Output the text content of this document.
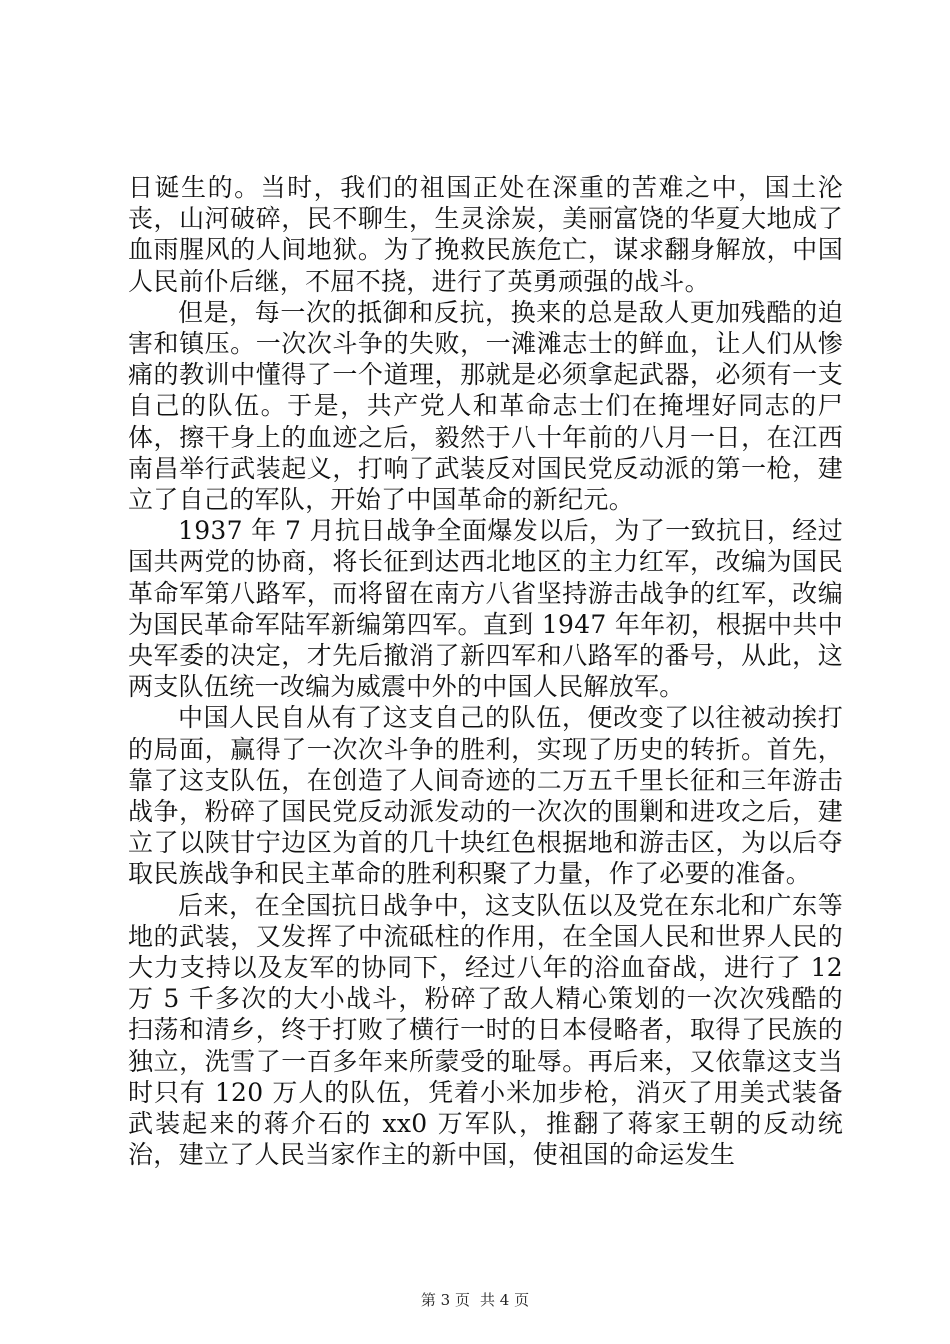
日诞生的。当时，我们的祖国正处在深重的苦难之中，国土沦丧，山河破碎，民不聊生，生灵涂炭，美丽富饶的华夏大地成了血雨腥风的人间地狱。为了挽救民族危亡，谋求翻身解放，中国人民前仆后继，不屈不挠，进行了英勇顽强的战斗。

但是，每一次的抵御和反抗，换来的总是敌人更加残酷的迫害和镇压。一次次斗争的失败，一滩滩志士的鲜血，让人们从惨痛的教训中懂得了一个道理，那就是必须拿起武器，必须有一支自己的队伍。于是，共产党人和革命志士们在掩埋好同志的尸体，擦干身上的血迹之后，毅然于八十年前的八月一日，在江西南昌举行武装起义，打响了武装反对国民党反动派的第一枪，建立了自己的军队，开始了中国革命的新纪元。

1937 年 7 月抗日战争全面爆发以后，为了一致抗日，经过国共两党的协商，将长征到达西北地区的主力红军，改编为国民革命军第八路军，而将留在南方八省坚持游击战争的红军，改编为国民革命军陆军新编第四军。直到 1947 年年初，根据中共中央军委的决定，才先后撤消了新四军和八路军的番号，从此，这两支队伍统一改编为威震中外的中国人民解放军。

中国人民自从有了这支自己的队伍，便改变了以往被动挨打的局面，赢得了一次次斗争的胜利，实现了历史的转折。首先，靠了这支队伍，在创造了人间奇迹的二万五千里长征和三年游击战争，粉碎了国民党反动派发动的一次次的围剿和进攻之后，建立了以陕甘宁边区为首的几十块红色根据地和游击区，为以后夺取民族战争和民主革命的胜利积聚了力量，作了必要的准备。

后来，在全国抗日战争中，这支队伍以及党在东北和广东等地的武装，又发挥了中流砥柱的作用，在全国人民和世界人民的大力支持以及友军的协同下，经过八年的浴血奋战，进行了 12 万 5 千多次的大小战斗，粉碎了敌人精心策划的一次次残酷的扫荡和清乡，终于打败了横行一时的日本侵略者，取得了民族的独立，洗雪了一百多年来所蒙受的耻辱。再后来，又依靠这支当时只有 120 万人的队伍，凭着小米加步枪，消灭了用美式装备武装起来的蒋介石的 xx0 万军队，推翻了蒋家王朝的反动统治，建立了人民当家作主的新中国，使祖国的命运发生

第 3 页 共 4 页
